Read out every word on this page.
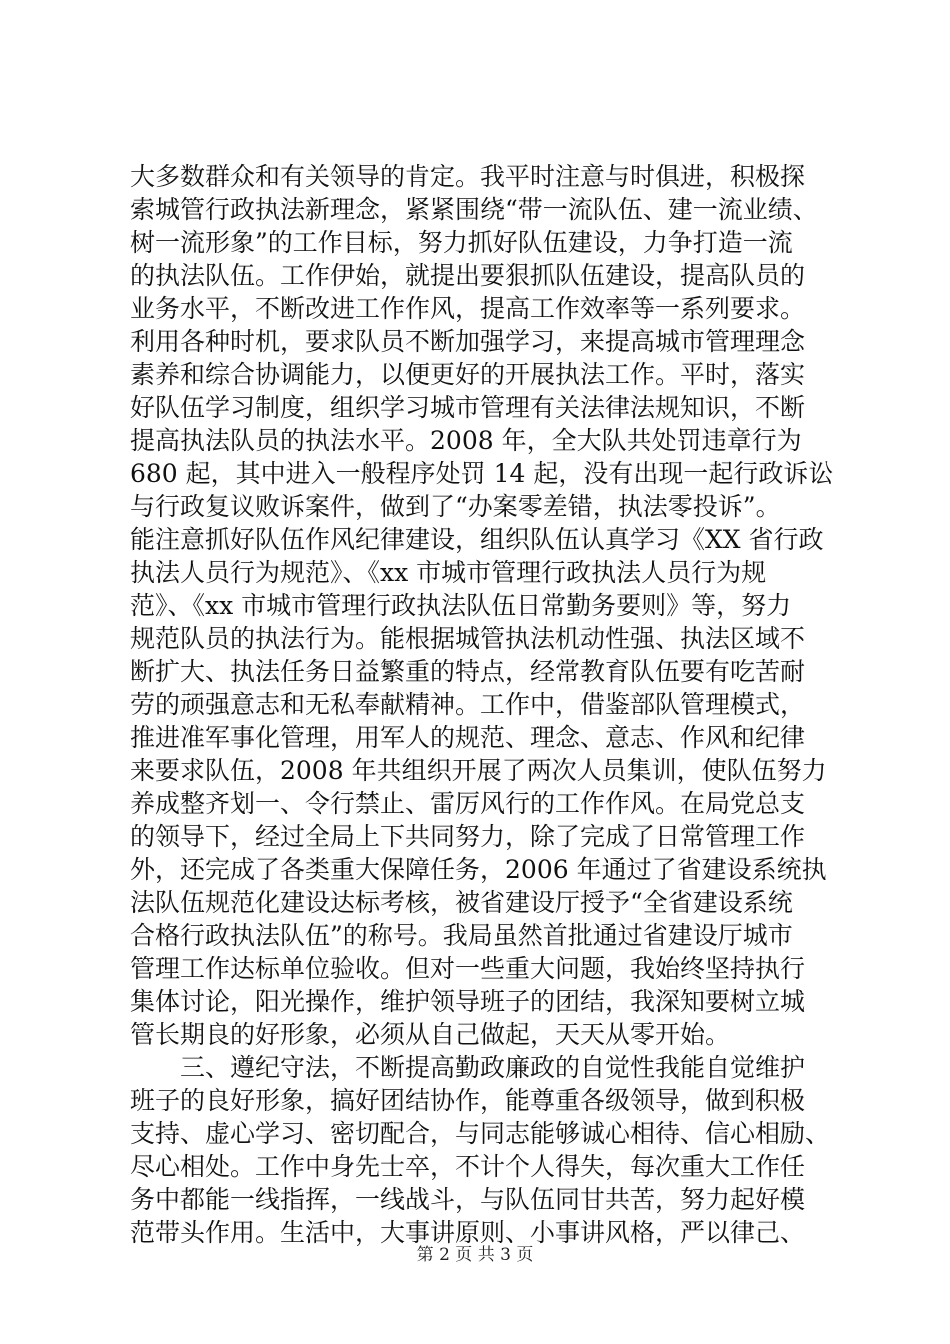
大多数群众和有关领导的肯定。我平时注意与时俱进，积极探
索城管行政执法新理念，紧紧围绕“带一流队伍、建一流业绩、
树一流形象”的工作目标，努力抓好队伍建设，力争打造一流
的执法队伍。工作伊始，就提出要狠抓队伍建设，提高队员的
业务水平，不断改进工作作风，提高工作效率等一系列要求。
利用各种时机，要求队员不断加强学习，来提高城市管理理念
素养和综合协调能力，以便更好的开展执法工作。平时，落实
好队伍学习制度，组织学习城市管理有关法律法规知识，不断
提高执法队员的执法水平。2008 年，全大队共处罚违章行为
680 起，其中进入一般程序处罚 14 起，没有出现一起行政诉讼
与行政复议败诉案件，做到了“办案零差错，执法零投诉”。
能注意抓好队伍作风纪律建设，组织队伍认真学习《XX 省行政
执法人员行为规范》、《xx 市城市管理行政执法人员行为规
范》、《xx 市城市管理行政执法队伍日常勤务要则》等，努力
规范队员的执法行为。能根据城管执法机动性强、执法区域不
断扩大、执法任务日益繁重的特点，经常教育队伍要有吃苦耐
劳的顽强意志和无私奉献精神。工作中，借鉴部队管理模式，
推进准军事化管理，用军人的规范、理念、意志、作风和纪律
来要求队伍，2008 年共组织开展了两次人员集训，使队伍努力
养成整齐划一、令行禁止、雷厉风行的工作作风。在局党总支
的领导下，经过全局上下共同努力，除了完成了日常管理工作
外，还完成了各类重大保障任务，2006 年通过了省建设系统执
法队伍规范化建设达标考核，被省建设厅授予“全省建设系统
合格行政执法队伍”的称号。我局虽然首批通过省建设厅城市
管理工作达标单位验收。但对一些重大问题，我始终坚持执行
集体讨论，阳光操作，维护领导班子的团结，我深知要树立城
管长期良的好形象，必须从自己做起，天天从零开始。
三、遵纪守法，不断提高勤政廉政的自觉性我能自觉维护
班子的良好形象，搞好团结协作，能尊重各级领导，做到积极
支持、虚心学习、密切配合，与同志能够诚心相待、信心相励、
尽心相处。工作中身先士卒，不计个人得失，每次重大工作任
务中都能一线指挥，一线战斗，与队伍同甘共苦，努力起好模
范带头作用。生活中，大事讲原则、小事讲风格，严以律己、
第 2 页 共 3 页
